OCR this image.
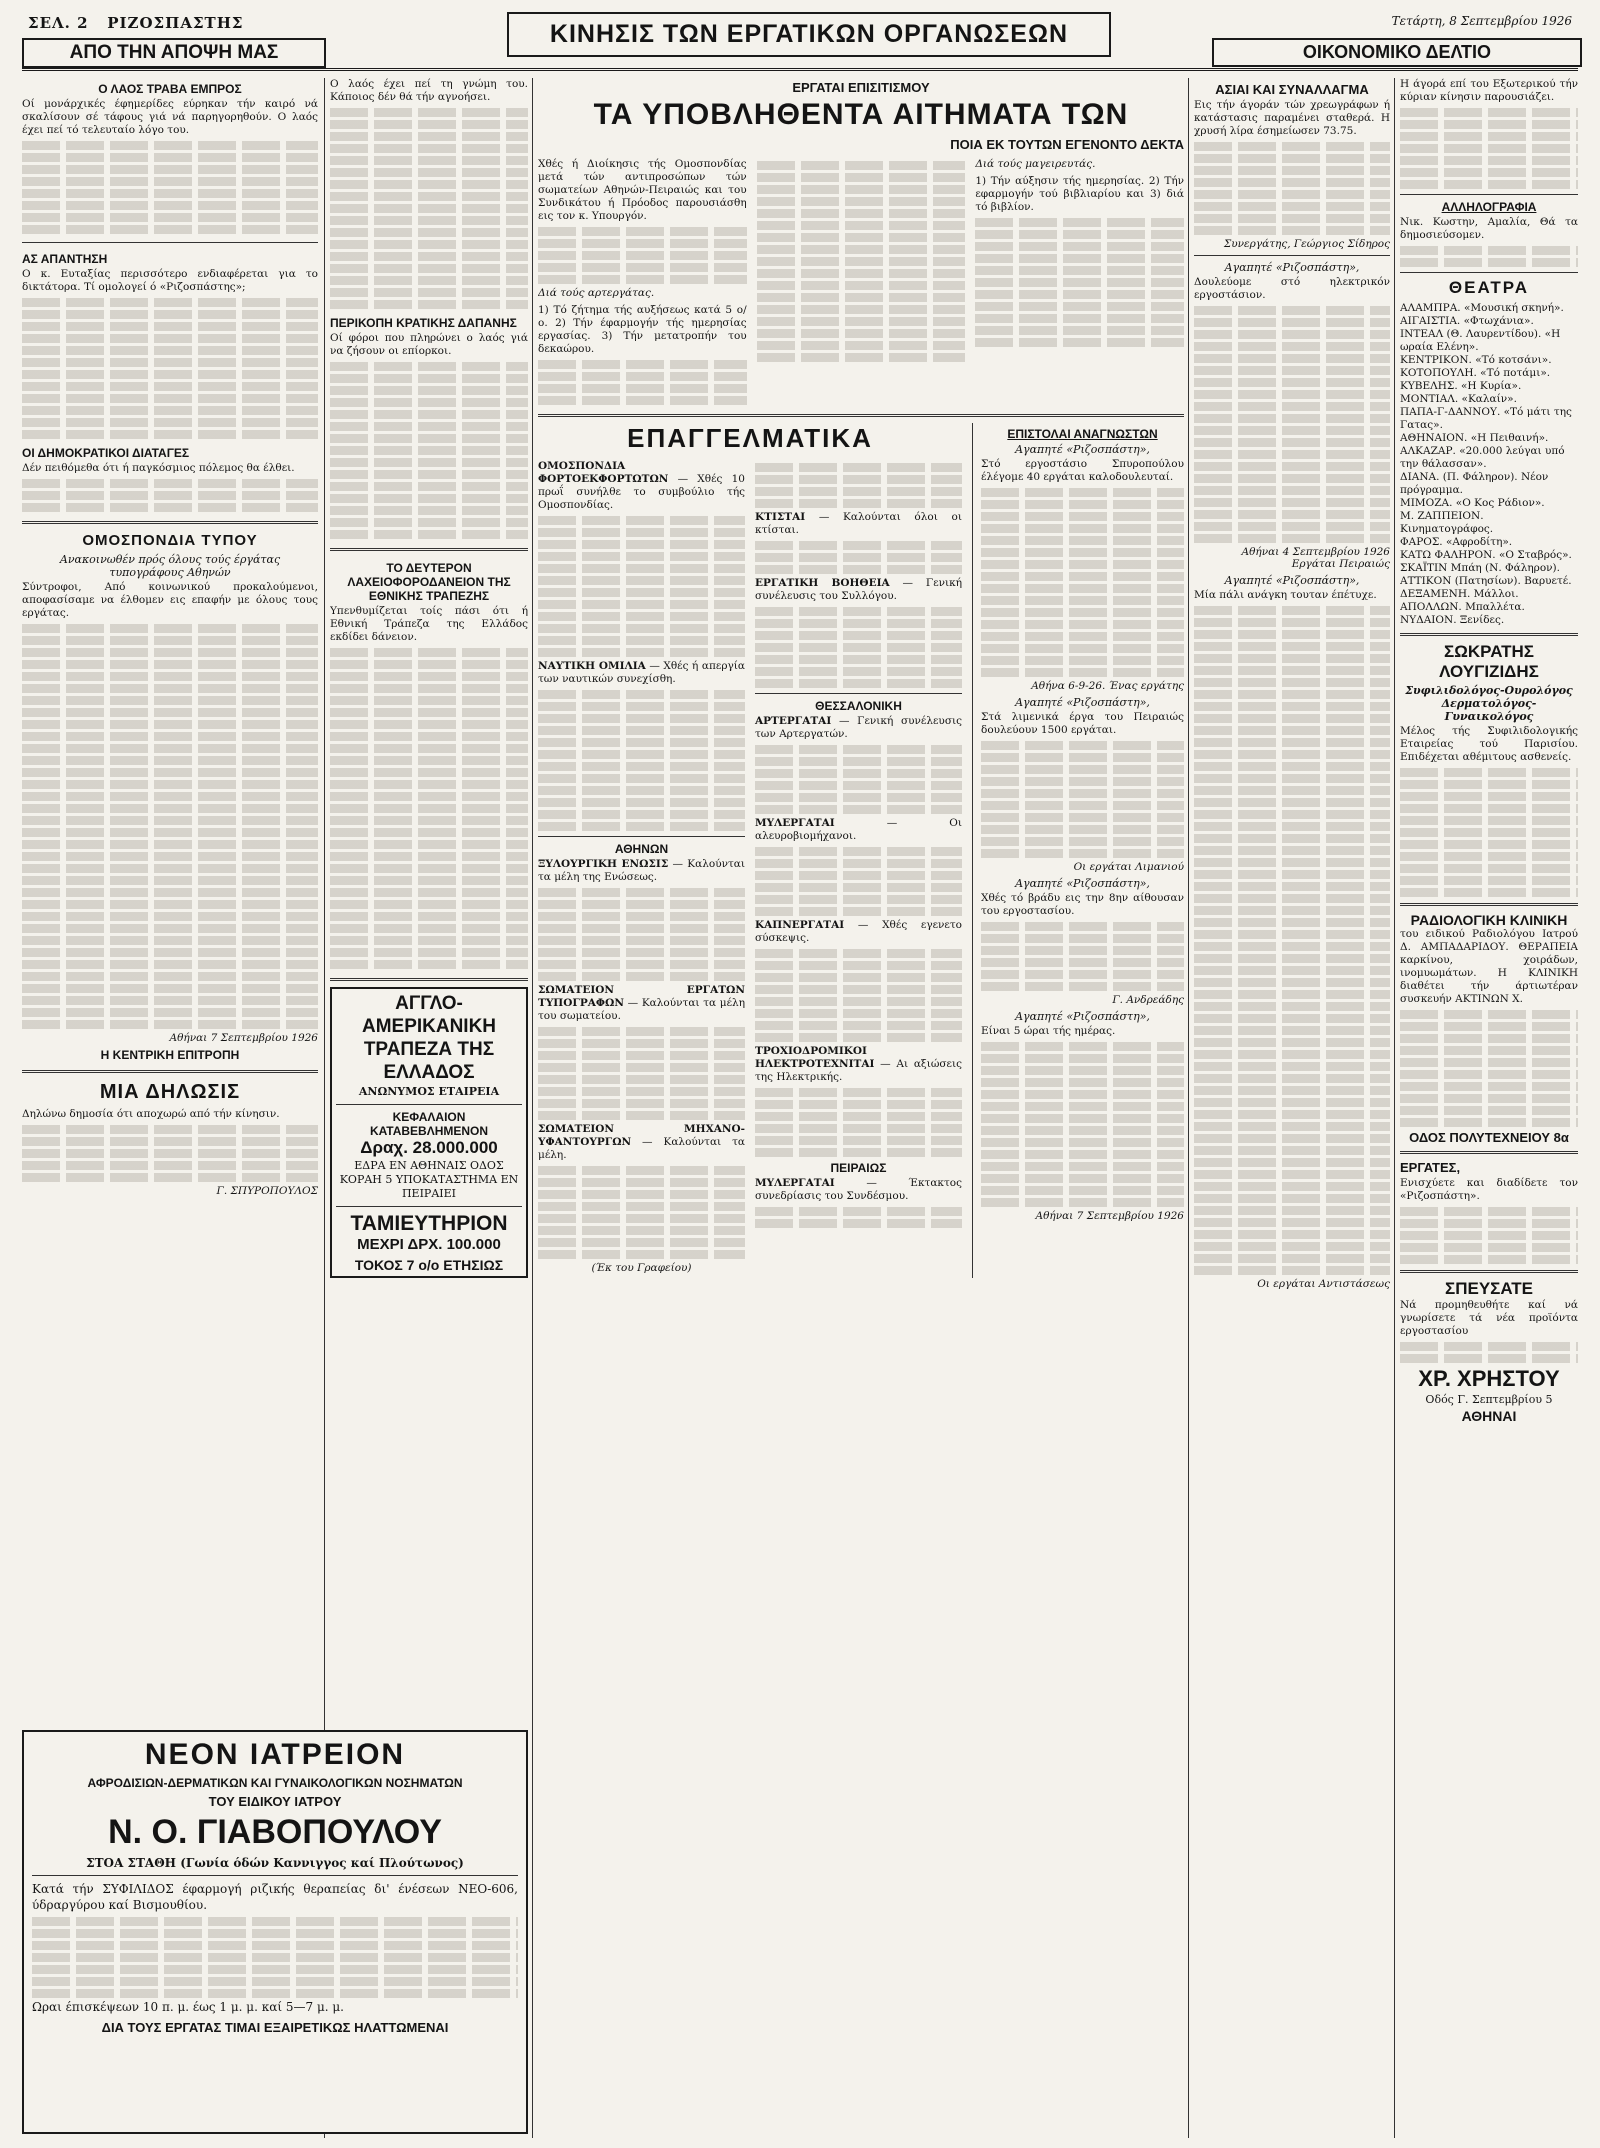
ΣΕΛ. 2 ΡΙΖΟΣΠΑΣΤΗΣ	Τετάρτη, 8 Σεπτεμβρίου 1926
ΑΠΟ ΤΗΝ ΑΠΟΨΗ ΜΑΣ
ΚΙΝΗΣΙΣ ΤΩΝ ΕΡΓΑΤΙΚΩΝ ΟΡΓΑΝΩΣΕΩΝ
ΟΙΚΟΝΟΜΙΚΟ ΔΕΛΤΙΟ
Ο ΛΑΟΣ ΤΡΑΒΑ ΕΜΠΡΟΣ

Οί μονάρχικές έφημερίδες εύρηκαν τήν καιρό νά σκαλίσουν σέ τάφους γιά νά παρηγορηθούν. Ο λαός έχει πεί τό τελευταίο λόγο του.

ΑΣ ΑΠΑΝΤΗΣΗ

Ο κ. Ευταξίας περισσότερο ενδιαφέρεται για το δικτάτορα. Τί ομολογεί ό «Ριζοσπάστης»;

ΟΙ ΔΗΜΟΚΡΑΤΙΚΟΙ ΔΙΑΤΑΓΕΣ

Δέν πειθόμεθα ότι ή παγκόσμιος πόλεμος θα έλθει.

ΟΜΟΣΠΟΝΔΙΑ ΤΥΠΟΥ

Ανακοινωθέν πρός όλους τούς έργάτας τυπογράφους Αθηνών

Σύντροφοι, Από κοινωνικού προκαλούμενοι, αποφασίσαμε να έλθομεν εις επαφήν με όλους τους εργάτας.

Αθήναι 7 Σεπτεμβρίου 1926

Η ΚΕΝΤΡΙΚΗ ΕΠΙΤΡΟΠΗ

ΜΙΑ ΔΗΛΩΣΙΣ

Δηλώνω δημοσία ότι αποχωρώ από τήν κίνησιν.

Γ. ΣΠΥΡΟΠΟΥΛΟΣ

Ο λαός έχει πεί τη γνώμη του. Κάποιος δέν θά τήν αγνοήσει.

ΠΕΡΙΚΟΠΗ ΚΡΑΤΙΚΗΣ ΔΑΠΑΝΗΣ

Οί φόροι που πληρώνει ο λαός γιά να ζήσουν οι επίορκοι.

ΤΟ ΔΕΥΤΕΡΟΝ ΛΑΧΕΙΟΦΟΡΟΔΑΝΕΙΟΝ ΤΗΣ ΕΘΝΙΚΗΣ ΤΡΑΠΕΖΗΣ

Υπενθυμίζεται τοίς πάσι ότι ή Εθνική Τράπεζα της Ελλάδος εκδίδει δάνειον.

ΑΓΓΛΟ-ΑΜΕΡΙΚΑΝΙΚΗ ΤΡΑΠΕΖΑ ΤΗΣ ΕΛΛΑΔΟΣ
ΑΝΩΝΥΜΟΣ ΕΤΑΙΡΕΙΑ
ΚΕΦΑΛΑΙΟΝ ΚΑΤΑΒΕΒΛΗΜΕΝΟΝ
Δραχ. 28.000.000
ΕΔΡΑ ΕΝ ΑΘΗΝΑΙΣ ΟΔΟΣ ΚΟΡΑΗ 5 ΥΠΟΚΑΤΑΣΤΗΜΑ ΕΝ ΠΕΙΡΑΙΕΙ
ΤΑΜΙΕΥΤΗΡΙΟΝ
ΜΕΧΡΙ ΔΡΧ. 100.000
ΤΟΚΟΣ 7 ο/ο ΕΤΗΣΙΩΣ
ΕΡΓΑΤΑΙ ΕΠΙΣΙΤΙΣΜΟΥ
ΤΑ ΥΠΟΒΛΗΘΕΝΤΑ ΑΙΤΗΜΑΤΑ ΤΩΝ
ΠΟΙΑ ΕΚ ΤΟΥΤΩΝ ΕΓΕΝΟΝΤΟ ΔΕΚΤΑ

Χθές ή Διοίκησις τής Ομοσπονδίας μετά τών αντιπροσώπων τών σωματείων Αθηνών-Πειραιώς και του Συνδικάτου ή Πρόοδος παρουσιάσθη εις τον κ. Υπουργόν.

Διά τούς αρτεργάτας.

1) Τό ζήτημα τής αυξήσεως κατά 5 ο/ο. 2) Τήν έφαρμογήν τής ημερησίας εργασίας. 3) Τήν μετατροπήν του δεκαώρου.

Διά τούς μαγειρευτάς.

1) Τήν αύξησιν τής ημερησίας. 2) Τήν εφαρμογήν τού βιβλιαρίου και 3) διά τό βιβλίον.

ΕΠΑΓΓΕΛΜΑΤΙΚΑ

ΟΜΟΣΠΟΝΔΙΑ ΦΟΡΤΟΕΚΦΟΡΤΩΤΩΝ — Χθές 10 πρωΐ συνήλθε το συμβούλιο τής Ομοσπονδίας.

ΝΑΥΤΙΚΗ ΟΜΙΛΙΑ — Χθές ή απεργία των ναυτικών συνεχίσθη.

ΑΘΗΝΩΝ

ΞΥΛΟΥΡΓΙΚΗ ΕΝΩΣΙΣ — Καλούνται τα μέλη της Ενώσεως.

ΣΩΜΑΤΕΙΟΝ ΕΡΓΑΤΩΝ ΤΥΠΟΓΡΑΦΩΝ — Καλούνται τα μέλη του σωματείου.

ΣΩΜΑΤΕΙΟΝ ΜΗΧΑΝΟ-ΥΦΑΝΤΟΥΡΓΩΝ — Καλούνται τα μέλη.

(Έκ του Γραφείου)

ΚΤΙΣΤΑΙ — Καλούνται όλοι οι κτίσται.

ΕΡΓΑΤΙΚΗ ΒΟΗΘΕΙΑ — Γενική συνέλευσις του Συλλόγου.

ΘΕΣΣΑΛΟΝΙΚΗ

ΑΡΤΕΡΓΑΤΑΙ — Γενική συνέλευσις των Αρτεργατών.

ΜΥΛΕΡΓΑΤΑΙ — Οι αλευροβιομήχανοι.

ΚΑΠΝΕΡΓΑΤΑΙ — Χθές εγενετο σύσκεψις.

ΤΡΟΧΙΟΔΡΟΜΙΚΟΙ ΗΛΕΚΤΡΟΤΕΧΝΙΤΑΙ — Αι αξιώσεις της Ηλεκτρικής.

ΠΕΙΡΑΙΩΣ

ΜΥΛΕΡΓΑΤΑΙ — Έκτακτος συνεδρίασις του Συνδέσμου.

ΕΠΙΣΤΟΛΑΙ ΑΝΑΓΝΩΣΤΩΝ

Αγαπητέ «Ριζοσπάστη»,

Στό εργοστάσιο Σπυροπούλου έλέγομε 40 εργάται καλοδουλευταί.

Αθήνα 6-9-26. Ένας εργάτης

Αγαπητέ «Ριζοσπάστη»,

Στά λιμενικά έργα του Πειραιώς δουλεύουν 1500 εργάται.

Οι εργάται Λιμανιού

Αγαπητέ «Ριζοσπάστη»,

Χθές τό βράδυ εις την 8ην αίθουσαν του εργοστασίου.

Γ. Ανδρεάδης

Αγαπητέ «Ριζοσπάστη»,

Είναι 5 ώραι τής ημέρας.

Αθήναι 7 Σεπτεμβρίου 1926

ΑΣΙΑΙ ΚΑΙ ΣΥΝΑΛΛΑΓΜΑ

Εις τήν άγοράν τών χρεωγράφων ή κατάστασις παραμένει σταθερά. Η χρυσή λίρα έσημείωσεν 73.75.

Συνεργάτης, Γεώργιος Σίδηρος

Αγαπητέ «Ριζοσπάστη»,

Δουλεύομε στό ηλεκτρικόν εργοστάσιον.

Αθήναι 4 Σεπτεμβρίου 1926 Εργάται Πειραιώς

Αγαπητέ «Ριζοσπάστη»,

Μία πάλι ανάγκη τουταν έπέτυχε.

Οι εργάται Αντιστάσεως

Η άγορά επί του Εξωτερικού τήν κύριαν κίνησιν παρουσιάζει.

ΑΛΛΗΛΟΓΡΑΦΙΑ

Νικ. Κωστην, Αμαλία, Θά τα δημοσιεύσομεν.

ΘΕΑΤΡΑ

ΑΛΑΜΠΡΑ. «Μουσική σκηνή».

ΑΙΓΑΙΣΤΙΑ. «Φτωχάνια».

ΙΝΤΕΑΛ (Θ. Λαυρεντίδου). «Η ωραία Ελένη».

ΚΕΝΤΡΙΚΟΝ. «Τό κοτσάνι».

ΚΟΤΟΠΟΥΛΗ. «Τό ποτάμι».

ΚΥΒΕΛΗΣ. «Η Κυρία».

ΜΟΝΤΙΑΛ. «Καλαίν».

ΠΑΠΑ-Γ-ΔΑΝΝΟΥ. «Τό μάτι της Γατας».

ΑΘΗΝΑΙΟΝ. «Η Πειθαινή».

ΑΛΚΑΖΑΡ. «20.000 λεύγαι υπό την θάλασσαν».

ΔΙΑΝΑ. (Π. Φάληρον). Νέον πρόγραμμα.

ΜΙΜΟΖΑ. «Ο Κος Ράδιον».

Μ. ΖΑΠΠΕΙΟΝ. Κινηματογράφος.

ΦΑΡΟΣ. «Αφροδίτη».

ΚΑΤΩ ΦΑΛΗΡΟΝ. «Ο Σταβρός».

ΣΚΑΪΤΙΝ Μπάη (Ν. Φάληρον).

ΑΤΤΙΚΟΝ (Πατησίων). Βαρυετέ.

ΔΕΞΑΜΕΝΗ. Μάλλοι.

ΑΠΟΛΛΩΝ. Μπαλλέτα.

ΝΥΔΑΙΟΝ. Ξενίδες.

ΣΩΚΡΑΤΗΣ ΛΟΥΓΙΖΙΔΗΣ
Συφιλιδολόγος-Ουρολόγος Δερματολόγος-Γυναικολόγος

Μέλος τής Συφιλιδολογικής Εταιρείας τού Παρισίου. Επιδέχεται αθέμιτους ασθενείς.

ΡΑΔΙΟΛΟΓΙΚΗ ΚΛΙΝΙΚΗ

του ειδικού Ραδιολόγου Ιατρού Δ. ΑΜΠΑΔΑΡΙΔΟΥ. ΘΕΡΑΠΕΙΑ καρκίνου, χοιράδων, ινομυωμάτων. Η ΚΛΙΝΙΚΗ διαθέτει τήν άρτιωτέραν συσκευήν ΑΚΤΙΝΩΝ Χ.

ΟΔΟΣ ΠΟΛΥΤΕΧΝΕΙΟΥ 8α
ΕΡΓΑΤΕΣ,

Ενισχύετε και διαδίδετε τον «Ριζοσπάστη».

ΣΠΕΥΣΑΤΕ

Νά προμηθευθήτε καί νά γνωρίσετε τά νέα προϊόντα εργοστασίου

ΧΡ. ΧΡΗΣΤΟΥ
Οδός Γ. Σεπτεμβρίου 5
ΑΘΗΝΑΙ
ΝΕΟΝ ΙΑΤΡΕΙΟΝ
ΑΦΡΟΔΙΣΙΩΝ-ΔΕΡΜΑΤΙΚΩΝ ΚΑΙ ΓΥΝΑΙΚΟΛΟΓΙΚΩΝ ΝΟΣΗΜΑΤΩΝ
ΤΟΥ ΕΙΔΙΚΟΥ ΙΑΤΡΟΥ
Ν. Ο. ΓΙΑΒΟΠΟΥΛΟΥ
ΣΤΟΑ ΣΤΑΘΗ (Γωνία όδών Καννιγγος καί Πλούτωνος)

Κατά τήν ΣΥΦΙΛΙΔΟΣ έφαρμογή ριζικής θεραπείας δι' ένέσεων ΝΕΟ-606, ύδραργύρου καί Βισμουθίου.

Ωραι έπισκέψεων 10 π. μ. έως 1 μ. μ. καί 5—7 μ. μ.

ΔΙΑ ΤΟΥΣ ΕΡΓΑΤΑΣ ΤΙΜΑΙ ΕΞΑΙΡΕΤΙΚΩΣ ΗΛΑΤΤΩΜΕΝΑΙ
